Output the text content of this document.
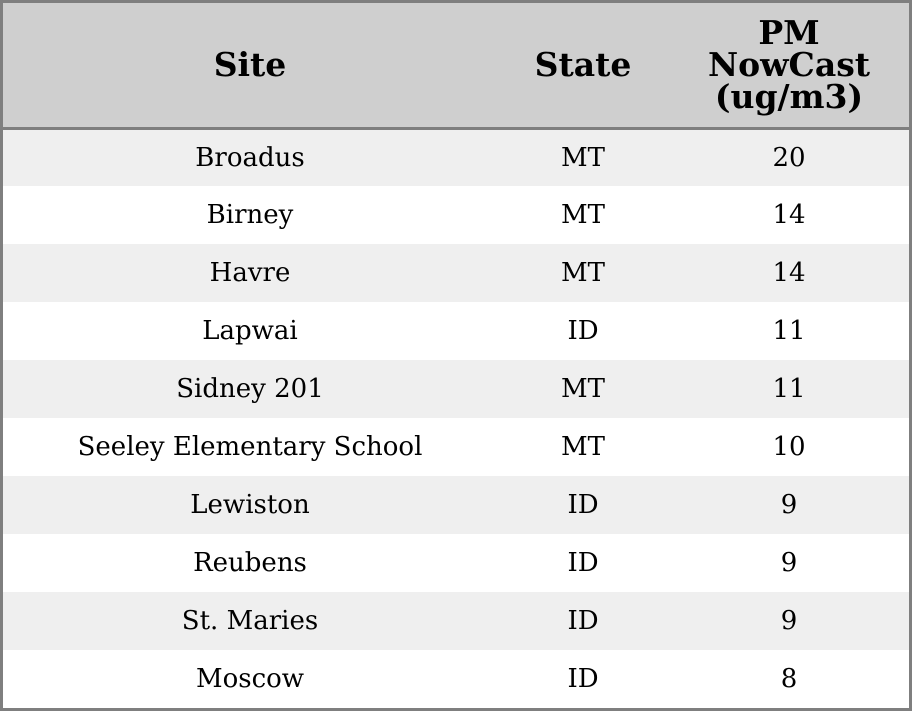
Site	State	PM
NowCast
(ug/m3)

Broadus	MT	20
Birney	MT	14
Havre	MT	14
Lapwai	ID	11
Sidney 201	MT	11
Seeley Elementary School	MT	10
Lewiston	ID	9
Reubens	ID	9
St. Maries	ID	9
Moscow	ID	8
